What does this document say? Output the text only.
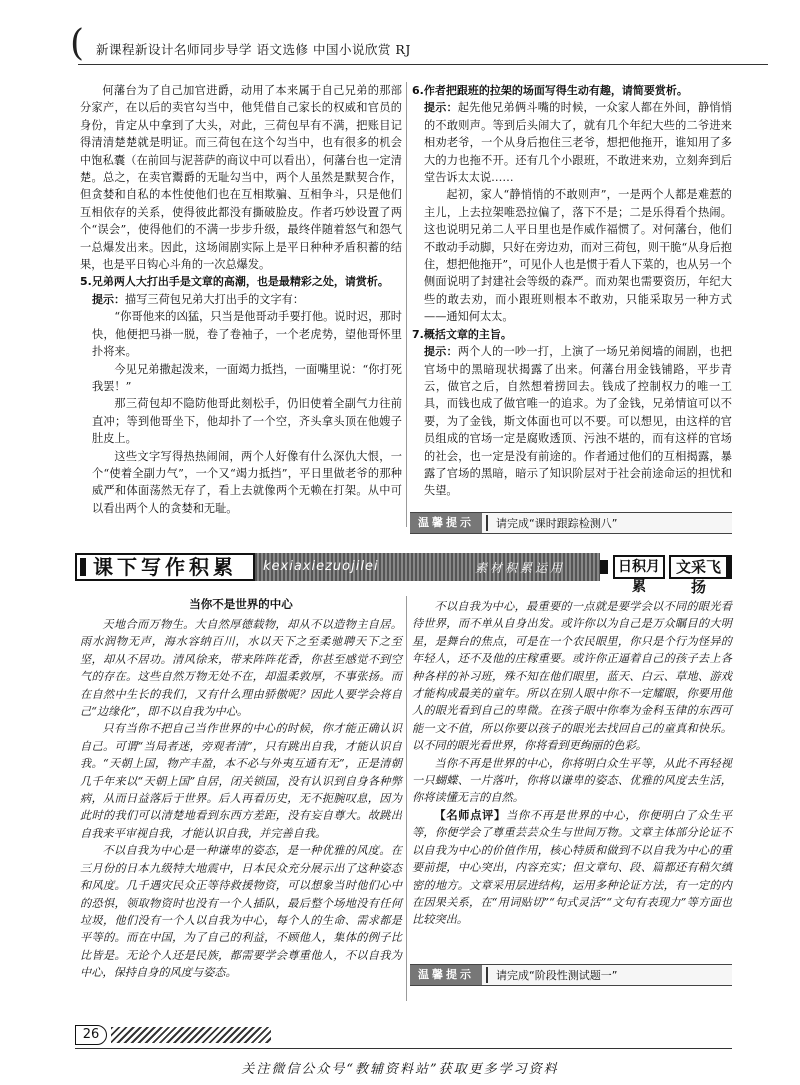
( 新课程新设计名师同步导学 语文选修 中国小说欣赏 RJ

何藩台为了自己加官进爵，动用了本来属于自己兄弟的那部分家产，在以后的卖官勾当中，他凭借自己家长的权威和官员的身份，肯定从中拿到了大头，对此，三荷包早有不满，把账目记得清清楚楚就是明证。而三荷包在这个勾当中，也有很多的机会中饱私囊（在前回与泥菩萨的商议中可以看出），何藩台也一定清楚。总之，在卖官鬻爵的无耻勾当中，两个人虽然是默契合作，但贪婪和自私的本性使他们也在互相欺骗、互相争斗，只是他们互相依存的关系，使得彼此都没有撕破脸皮。作者巧妙设置了两个“误会”，使得他们的不满一步步升级，最终伴随着怒气和怨气一总爆发出来。因此，这场闹剧实际上是平日种种矛盾积蓄的结果，也是平日钩心斗角的一次总爆发。

5.兄弟两人大打出手是文章的高潮，也是最精彩之处，请赏析。

提示：描写三荷包兄弟大打出手的文字有：

“你哥他来的凶猛，只当是他哥动手要打他。说时迟，那时快，他便把马褂一脱，卷了卷袖子，一个老虎势，望他哥怀里扑将来。

今见兄弟撒起泼来，一面竭力抵挡，一面嘴里说：“你打死我罢！”

那三荷包却不隐防他哥此刻松手，仍旧使着全副气力往前直冲；等到他哥坐下，他却扑了一个空，齐头拿头顶在他嫂子肚皮上。

这些文字写得热热闹闹，两个人好像有什么深仇大恨，一个“使着全副力气”，一个又“竭力抵挡”，平日里做老爷的那种威严和体面荡然无存了，看上去就像两个无赖在打架。从中可以看出两个人的贪婪和无耻。

6.作者把跟班的拉架的场面写得生动有趣，请简要赏析。

提示：起先他兄弟俩斗嘴的时候，一众家人都在外间，静悄悄的不敢则声。等到后头闹大了，就有几个年纪大些的二爷进来相劝老爷，一个从身后抱住三老爷，想把他拖开，谁知用了多大的力也拖不开。还有几个小跟班，不敢进来劝，立刻奔到后堂告诉太太说……

起初，家人“静悄悄的不敢则声”，一是两个人都是难惹的主儿，上去拉架唯恐拉偏了，落下不是；二是乐得看个热闹。这也说明兄弟二人平日里也是作威作福惯了。对何藩台，他们不敢动手动脚，只好在旁边劝，而对三荷包，则干脆“从身后抱住，想把他拖开”，可见仆人也是惯于看人下菜的，也从另一个侧面说明了封建社会等级的森严。而劝架也需要资历，年纪大些的敢去劝，而小跟班则根本不敢劝，只能采取另一种方式——通知何太太。

7.概括文章的主旨。

提示：两个人的一吵一打，上演了一场兄弟阋墙的闹剧，也把官场中的黑暗现状揭露了出来。何藩台用金钱铺路，平步青云，做官之后，自然想着捞回去。钱成了控制权力的唯一工具，而钱也成了做官唯一的追求。为了金钱，兄弟情谊可以不要，为了金钱，斯文体面也可以不要。可以想见，由这样的官员组成的官场一定是腐败透顶、污浊不堪的，而有这样的官场的社会，也一定是没有前途的。作者通过他们的互相揭露，暴露了官场的黑暗，暗示了知识阶层对于社会前途命运的担忧和失望。

温馨提示	请完成“课时跟踪检测八”
课下写作积累	kexiaxiezuojilei	素材积累运用	日积月累
文采飞扬
当你不是世界的中心

天地合而万物生。大自然厚德载物，却从不以造物主自居。雨水润物无声，海水容纳百川，水以天下之至柔驰聘天下之至坚，却从不居功。清风徐来，带来阵阵花香，你甚至感觉不到空气的存在。这些自然万物无处不在，却温柔敦厚，不事张扬。而在自然中生长的我们，又有什么理由骄傲呢？因此人要学会将自己“边缘化”，即不以自我为中心。

只有当你不把自己当作世界的中心的时候，你才能正确认识自己。可谓“当局者迷，旁观者清”，只有跳出自我，才能认识自我。“天朝上国，物产丰盈，本不必与外夷互通有无”，正是清朝几千年来以“天朝上国”自居，闭关锁国，没有认识到自身各种弊病，从而日益落后于世界。后人再看历史，无不扼腕叹息，因为此时的我们可以清楚地看到东西方差距，没有妄自尊大。故跳出自我来平审视自我，才能认识自我，并完善自我。

不以自我为中心是一种谦卑的姿态，是一种优雅的风度。在三月份的日本九级特大地震中，日本民众充分展示出了这种姿态和风度。几千遇灾民众正等待救援物资，可以想象当时他们心中的恐惧，领取物资时也没有一个人插队，最后整个场地没有任何垃圾，他们没有一个人以自我为中心，每个人的生命、需求都是平等的。而在中国，为了自己的利益，不顾他人，集体的例子比比皆是。无论个人还是民族，都需要学会尊重他人，不以自我为中心，保持自身的风度与姿态。

不以自我为中心，最重要的一点就是要学会以不同的眼光看待世界，而不单从自身出发。或许你以为自己是万众瞩目的大明星，是舞台的焦点，可是在一个农民眼里，你只是个行为怪异的年轻人，还不及他的庄稼重要。或许你正逼着自己的孩子去上各种各样的补习班，殊不知在他们眼里，蓝天、白云、草地、游戏才能构成最美的童年。所以在别人眼中你不一定耀眼，你要用他人的眼光看到自己的卑微。在孩子眼中你奉为金科玉律的东西可能一文不值，所以你要以孩子的眼光去找回自己的童真和快乐。以不同的眼光看世界，你将看到更绚丽的色彩。

当你不再是世界的中心，你将明白众生平等，从此不再轻视一只蝴蝶、一片落叶，你将以谦卑的姿态、优雅的风度去生活，你将读懂无言的自然。

【名师点评】当你不再是世界的中心，你便明白了众生平等，你便学会了尊重芸芸众生与世间万物。文章主体部分论证不以自我为中心的价值作用，核心特质和做到不以自我为中心的重要前提，中心突出，内容充实；但文章句、段、篇都还有稍欠缜密的地方。文章采用层进结构，运用多种论证方法，有一定的内在因果关系，在“用词贴切”“句式灵活”“文句有表现力”等方面也比较突出。

温馨提示	请完成“阶段性测试题一”
26
关注微信公众号“教辅资料站”获取更多学习资料
